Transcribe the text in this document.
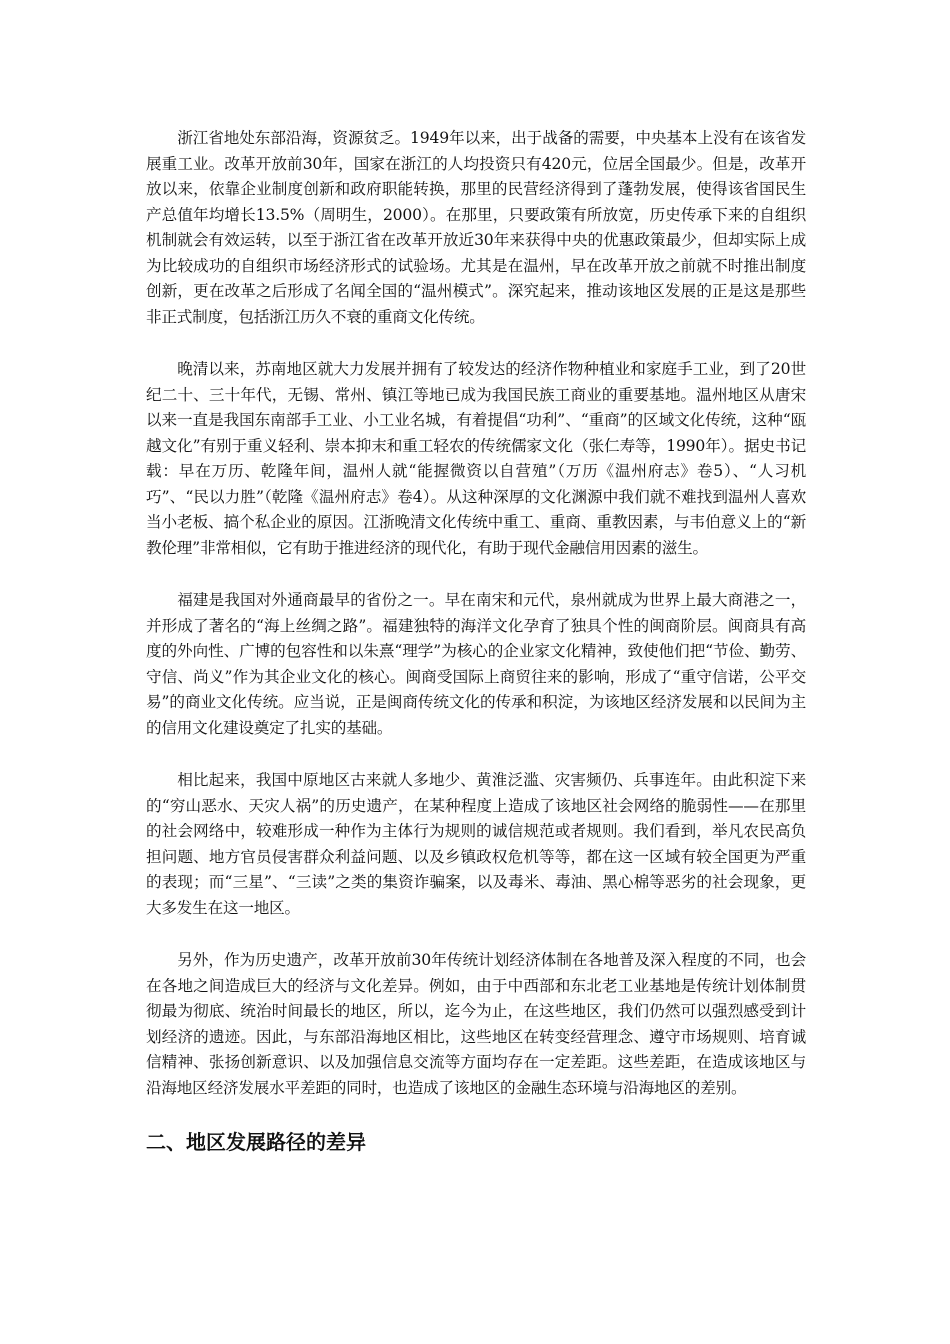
浙江省地处东部沿海，资源贫乏。1949年以来，出于战备的需要，中央基本上没有在该省发展重工业。改革开放前30年，国家在浙江的人均投资只有420元，位居全国最少。但是，改革开放以来，依靠企业制度创新和政府职能转换，那里的民营经济得到了蓬勃发展，使得该省国民生产总值年均增长13.5%（周明生，2000）。在那里，只要政策有所放宽，历史传承下来的自组织机制就会有效运转，以至于浙江省在改革开放近30年来获得中央的优惠政策最少，但却实际上成为比较成功的自组织市场经济形式的试验场。尤其是在温州，早在改革开放之前就不时推出制度创新，更在改革之后形成了名闻全国的“温州模式”。深究起来，推动该地区发展的正是这是那些非正式制度，包括浙江历久不衰的重商文化传统。

晚清以来，苏南地区就大力发展并拥有了较发达的经济作物种植业和家庭手工业，到了20世纪二十、三十年代，无锡、常州、镇江等地已成为我国民族工商业的重要基地。温州地区从唐宋以来一直是我国东南部手工业、小工业名城，有着提倡“功利”、“重商”的区域文化传统，这种“瓯越文化”有别于重义轻利、崇本抑末和重工轻农的传统儒家文化（张仁寿等，1990年）。据史书记载：早在万历、乾隆年间，温州人就“能握微资以自营殖”（万历《温州府志》卷5）、“人习机巧”、“民以力胜”（乾隆《温州府志》卷4）。从这种深厚的文化渊源中我们就不难找到温州人喜欢当小老板、搞个私企业的原因。江浙晚清文化传统中重工、重商、重教因素，与韦伯意义上的“新教伦理”非常相似，它有助于推进经济的现代化，有助于现代金融信用因素的滋生。

福建是我国对外通商最早的省份之一。早在南宋和元代，泉州就成为世界上最大商港之一，并形成了著名的“海上丝绸之路”。福建独特的海洋文化孕育了独具个性的闽商阶层。闽商具有高度的外向性、广博的包容性和以朱熹“理学”为核心的企业家文化精神，致使他们把“节俭、勤劳、守信、尚义”作为其企业文化的核心。闽商受国际上商贸往来的影响，形成了“重守信诺，公平交易”的商业文化传统。应当说，正是闽商传统文化的传承和积淀，为该地区经济发展和以民间为主的信用文化建设奠定了扎实的基础。

相比起来，我国中原地区古来就人多地少、黄淮泛滥、灾害频仍、兵事连年。由此积淀下来的“穷山恶水、天灾人祸”的历史遗产，在某种程度上造成了该地区社会网络的脆弱性——在那里的社会网络中，较难形成一种作为主体行为规则的诚信规范或者规则。我们看到，举凡农民高负担问题、地方官员侵害群众利益问题、以及乡镇政权危机等等，都在这一区域有较全国更为严重的表现；而“三星”、“三读”之类的集资诈骗案，以及毒米、毒油、黑心棉等恶劣的社会现象，更大多发生在这一地区。

另外，作为历史遗产，改革开放前30年传统计划经济体制在各地普及深入程度的不同，也会在各地之间造成巨大的经济与文化差异。例如，由于中西部和东北老工业基地是传统计划体制贯彻最为彻底、统治时间最长的地区，所以，迄今为止，在这些地区，我们仍然可以强烈感受到计划经济的遗迹。因此，与东部沿海地区相比，这些地区在转变经营理念、遵守市场规则、培育诚信精神、张扬创新意识、以及加强信息交流等方面均存在一定差距。这些差距，在造成该地区与沿海地区经济发展水平差距的同时，也造成了该地区的金融生态环境与沿海地区的差别。

二、地区发展路径的差异
